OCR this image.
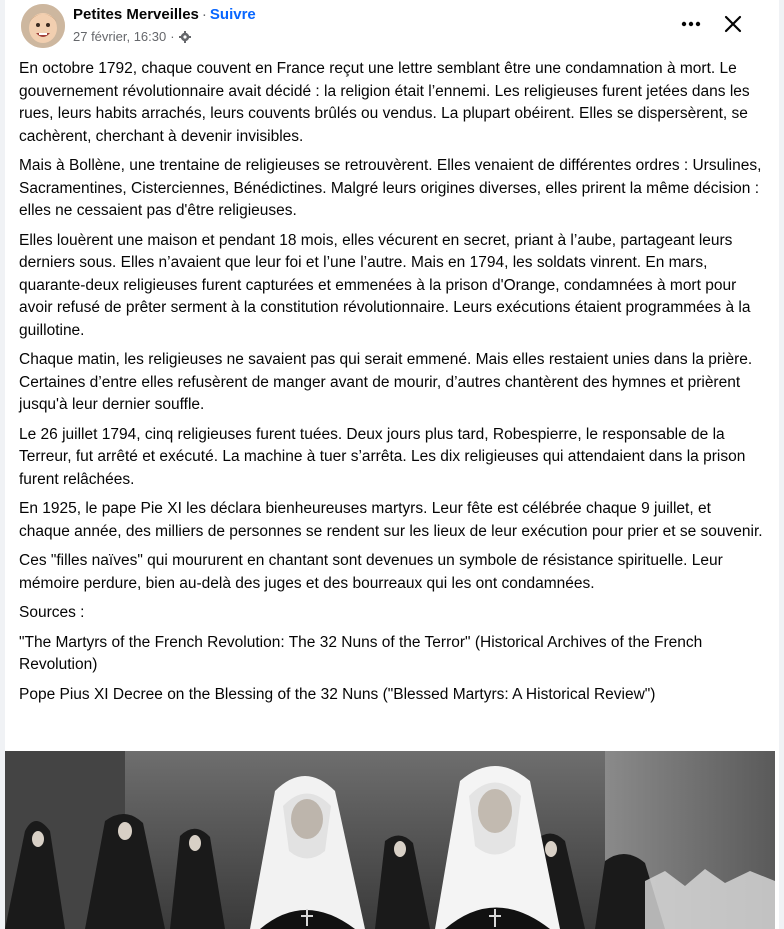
Petites Merveilles · Suivre
27 février, 16:30 ·

En octobre 1792, chaque couvent en France reçut une lettre semblant être une condamnation à mort. Le gouvernement révolutionnaire avait décidé : la religion était l’ennemi. Les religieuses furent jetées dans les rues, leurs habits arrachés, leurs couvents brûlés ou vendus. La plupart obéirent. Elles se dispersèrent, se cachèrent, cherchant à devenir invisibles.

Mais à Bollène, une trentaine de religieuses se retrouvèrent. Elles venaient de différentes ordres : Ursulines, Sacramentines, Cisterciennes, Bénédictines. Malgré leurs origines diverses, elles prirent la même décision : elles ne cessaient pas d'être religieuses.

Elles louèrent une maison et pendant 18 mois, elles vécurent en secret, priant à l’aube, partageant leurs derniers sous. Elles n’avaient que leur foi et l’une l’autre. Mais en 1794, les soldats vinrent. En mars, quarante-deux religieuses furent capturées et emmenées à la prison d'Orange, condamnées à mort pour avoir refusé de prêter serment à la constitution révolutionnaire. Leurs exécutions étaient programmées à la guillotine.

Chaque matin, les religieuses ne savaient pas qui serait emmené. Mais elles restaient unies dans la prière. Certaines d’entre elles refusèrent de manger avant de mourir, d’autres chantèrent des hymnes et prièrent jusqu'à leur dernier souffle.

Le 26 juillet 1794, cinq religieuses furent tuées. Deux jours plus tard, Robespierre, le responsable de la Terreur, fut arrêté et exécuté. La machine à tuer s’arrêta. Les dix religieuses qui attendaient dans la prison furent relâchées.

En 1925, le pape Pie XI les déclara bienheureuses martyrs. Leur fête est célébrée chaque 9 juillet, et chaque année, des milliers de personnes se rendent sur les lieux de leur exécution pour prier et se souvenir.

Ces "filles naïves" qui moururent en chantant sont devenues un symbole de résistance spirituelle. Leur mémoire perdure, bien au-delà des juges et des bourreaux qui les ont condamnées.

Sources :

"The Martyrs of the French Revolution: The 32 Nuns of the Terror" (Historical Archives of the French Revolution)

Pope Pius XI Decree on the Blessing of the 32 Nuns ("Blessed Martyrs: A Historical Review")
